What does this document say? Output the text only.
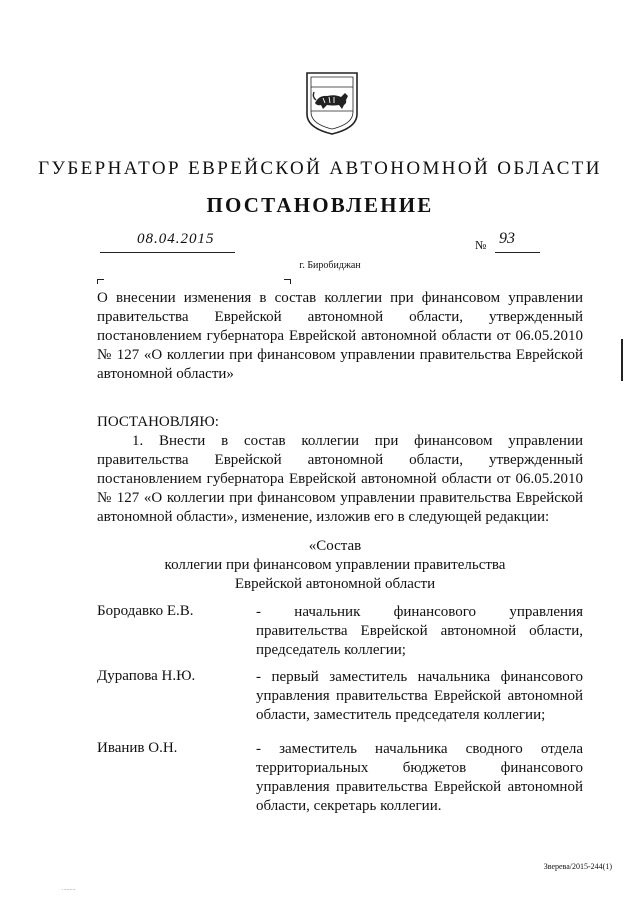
ГУБЕРНАТОР ЕВРЕЙСКОЙ АВТОНОМНОЙ ОБЛАСТИ
ПОСТАНОВЛЕНИЕ
08.04.2015	№ 93
г. Биробиджан
О внесении изменения в состав коллегии при финансовом управлении правительства Еврейской автономной области, утвержденный постановлением губернатора Еврейской автономной области от 06.05.2010 № 127 «О коллегии при финансовом управлении правительства Еврейской автономной области»
ПОСТАНОВЛЯЮ:
1. Внести в состав коллегии при финансовом управлении правительства Еврейской автономной области, утвержденный постановлением губернатора Еврейской автономной области от 06.05.2010 № 127 «О коллегии при финансовом управлении правительства Еврейской автономной области», изменение, изложив его в следующей редакции:
«Состав
коллегии при финансовом управлении правительства
Еврейской автономной области
Бородавко Е.В.	- начальник финансового управления правительства Еврейской автономной области, председатель коллегии;
Дурапова Н.Ю.	- первый заместитель начальника финансового управления правительства Еврейской автономной области, заместитель председателя коллегии;
Иванив О.Н.	- заместитель начальника сводного отдела территориальных бюджетов финансового управления правительства Еврейской автономной области, секретарь коллегии.
Зверева/2015-244(1)
.........
